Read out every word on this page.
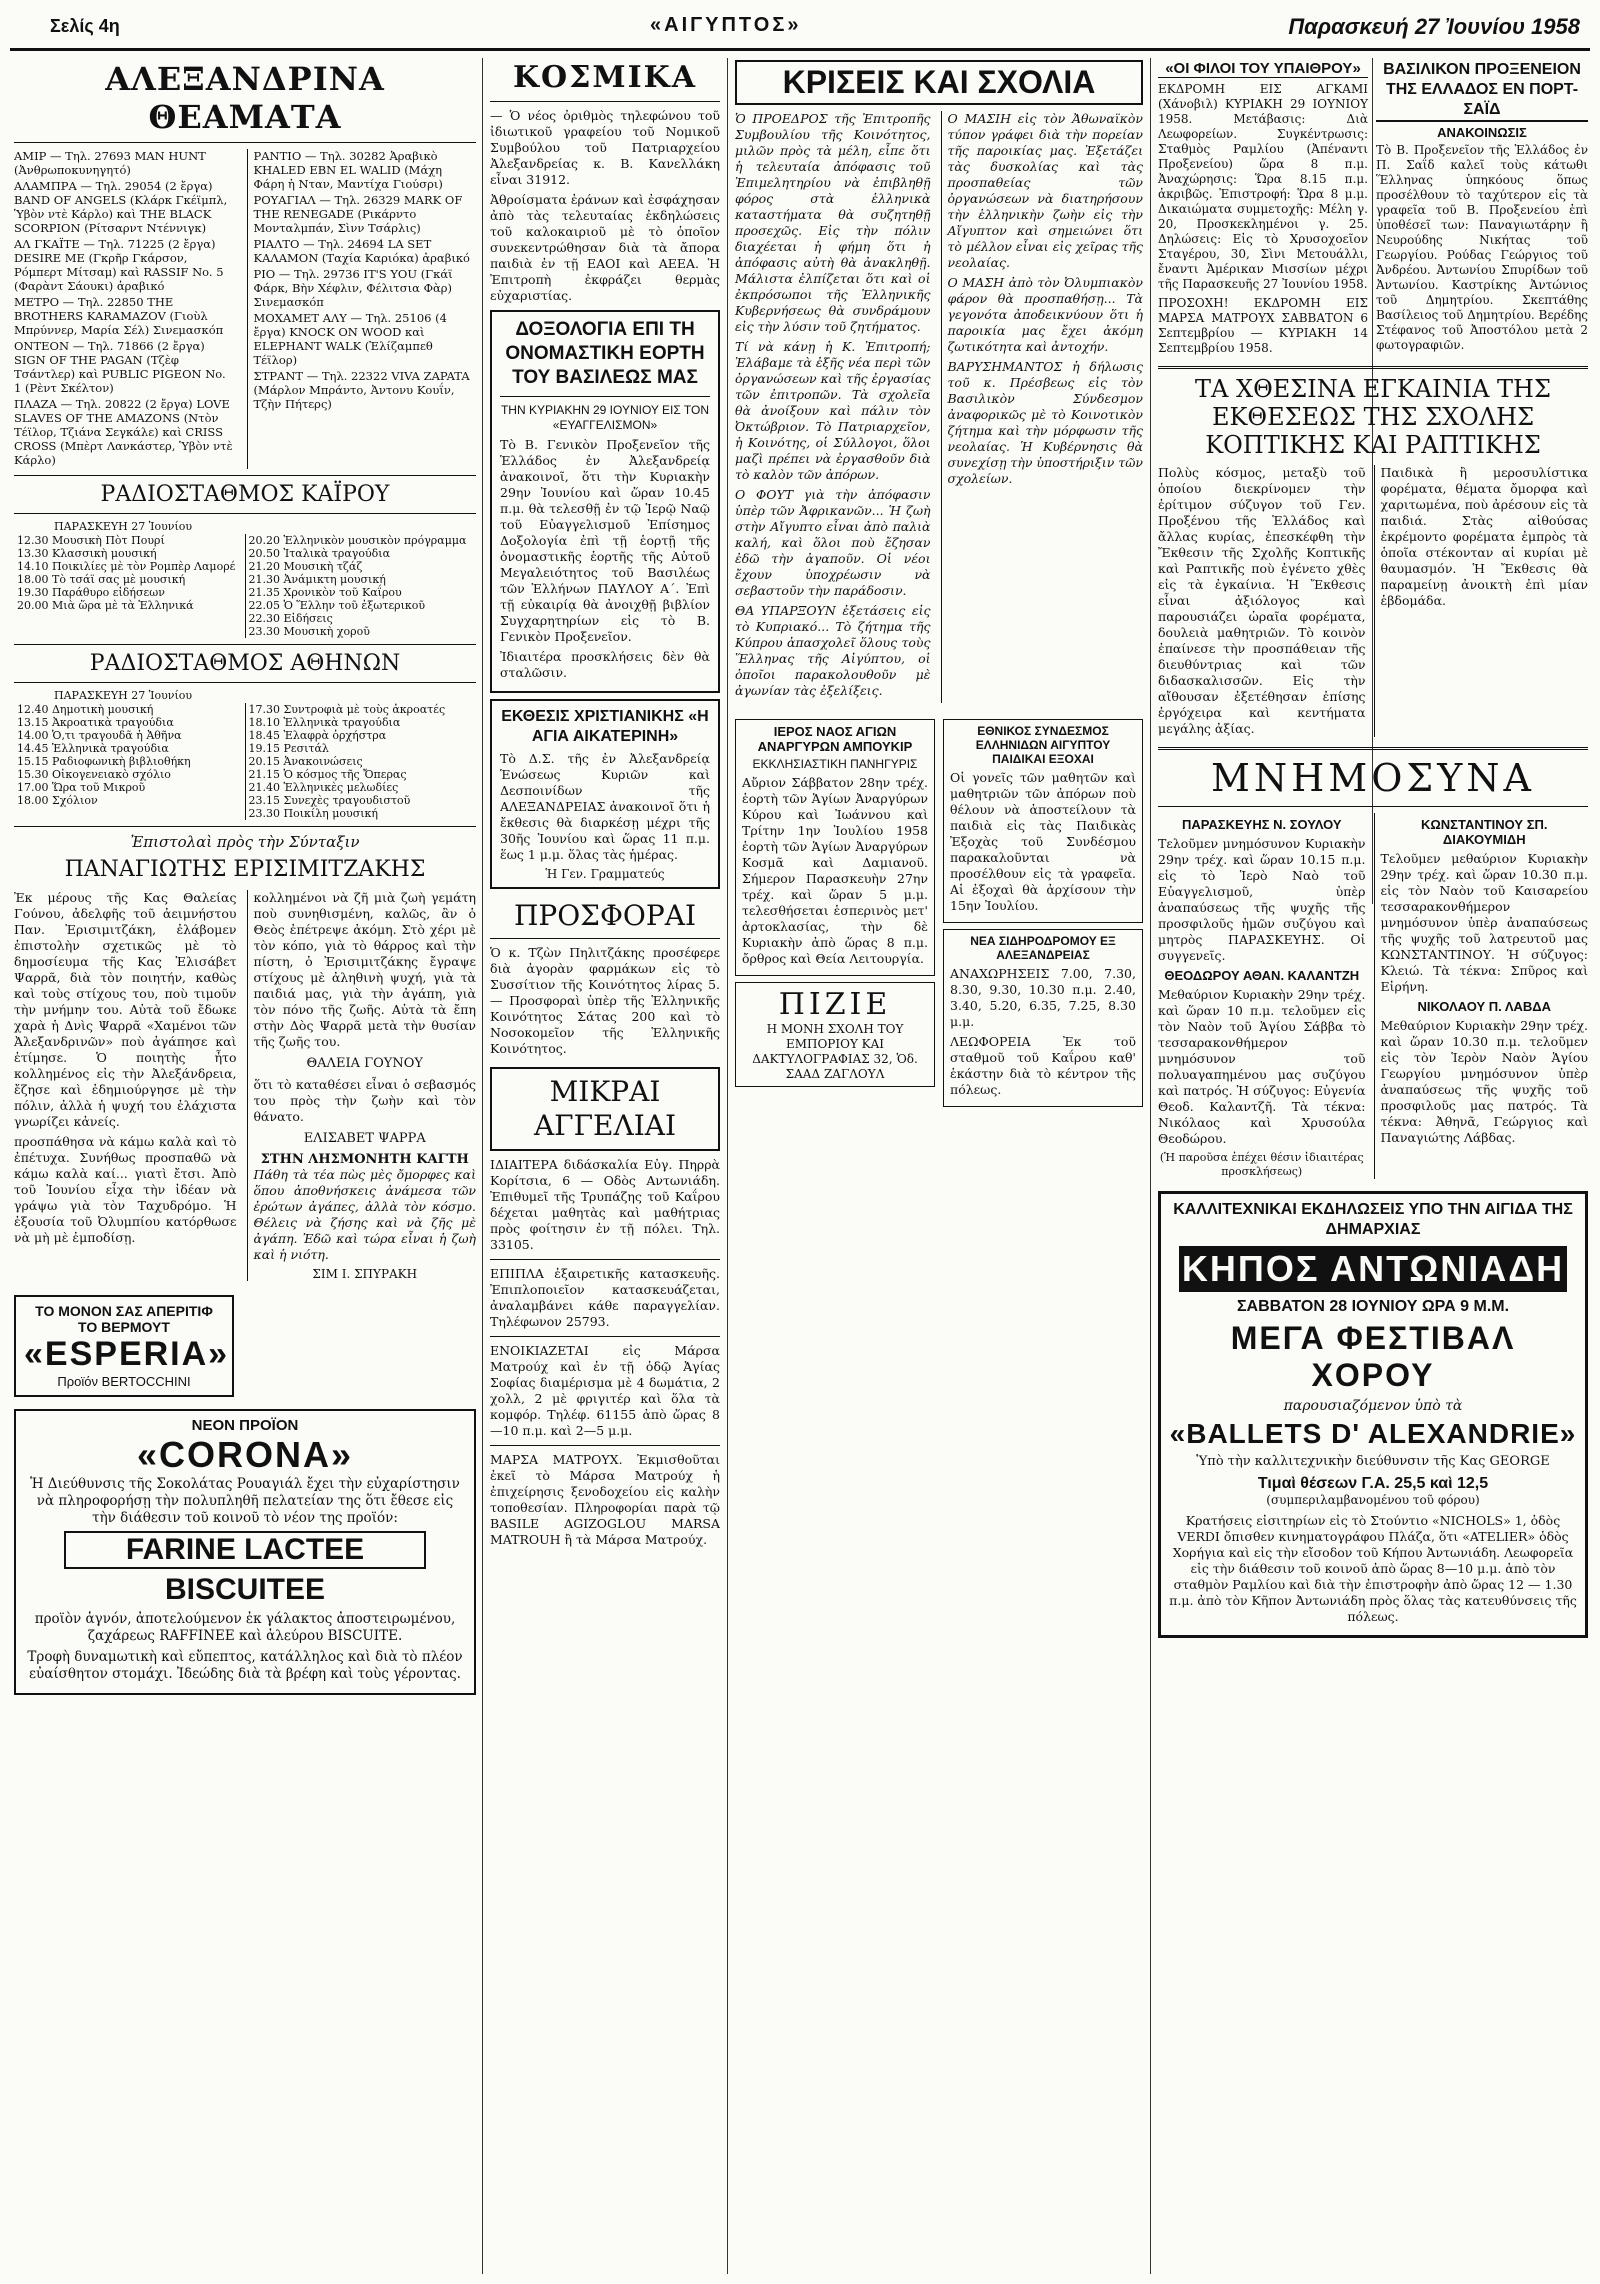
Σελίς 4η	«ΑΙΓΥΠΤΟΣ»	Παρασκευή 27 Ἰουνίου 1958
ΑΛΕΞΑΝΔΡΙΝΑ ΘΕΑΜΑΤΑ

ΑΜΙΡ — Τηλ. 27693 MAN HUNT (Ἀνθρωποκυνηγητό)

ΑΛΑΜΠΡΑ — Τηλ. 29054 (2 ἔργα) BAND OF ANGELS (Κλάρκ Γκέϊμπλ, Ὑβὸν ντὲ Κάρλο) καὶ THE BLACK SCORPION (Ρίτσαρντ Ντέννιγκ)

ΑΛ ΓΚΑΪΤΕ — Τηλ. 71225 (2 ἔργα) DESIRE ME (Γκρῆρ Γκάρσον, Ρόμπερτ Μίτσαμ) καὶ RASSIF No. 5 (Φαρὰντ Σάουκι) ἀραβικό

ΜΕΤΡΟ — Τηλ. 22850 THE BROTHERS KARAMAZOV (Γιοὺλ Μπρύννερ, Μαρία Σέλ) Σινεμασκόπ

ΟΝΤΕΟΝ — Τηλ. 71866 (2 ἔργα) SIGN OF THE PAGAN (Τζὲφ Τσάντλερ) καὶ PUBLIC PIGEON No. 1 (Ρὲντ Σκέλτον)

ΠΛΑΖΑ — Τηλ. 20822 (2 ἔργα) LOVE SLAVES OF THE AMAZONS (Ντὸν Τέϊλορ, Τζιάνα Σεγκάλε) καὶ CRISS CROSS (Μπὲρτ Λανκάστερ, Ὑβὸν ντὲ Κάρλο)

ΡΑΝΤΙΟ — Τηλ. 30282 Ἀραβικὸ KHALED EBN EL WALID (Μάχη Φάρη ἡ Νταν, Μαντίχα Γιούσρι)

ΡΟΥΑΓΙΑΛ — Τηλ. 26329 MARK OF THE RENEGADE (Ρικάρντο Μονταλμπάν, Σὶνν Τσάρλις)

ΡΙΑΛΤΟ — Τηλ. 24694 LA SET ΚΑΛΑΜΟΝ (Ταχία Καριόκα) ἀραβικό

ΡΙΟ — Τηλ. 29736 IT'S YOU (Γκάϊ Φάρκ, Βὴν Χέφλιν, Φέλιτσια Φὰρ) Σινεμασκόπ

ΜΟΧΑΜΕΤ ΑΛΥ — Τηλ. 25106 (4 ἔργα) KNOCK ON WOOD καὶ ELEPHANT WALK (Ἐλίζαμπεθ Τέϊλορ)

ΣΤΡΑΝΤ — Τηλ. 22322 VIVA ZAPATA (Μάρλον Μπράντο, Ἀντονυ Κουΐν, Τζὴν Πήτερς)

ΡΑΔΙΟΣΤΑΘΜΟΣ ΚΑΪΡΟΥ
ΠΑΡΑΣΚΕΥΗ 27 Ἰουνίου
12.30 Μουσικὴ Πὸτ Πουρί
13.30 Κλασσικὴ μουσική
14.10 Ποικιλίες μὲ τὸν Ρομπὲρ Λαμορέ
18.00 Τὸ τσάϊ σας μὲ μουσική
19.30 Παράθυρο εἰδήσεων
20.00 Μιὰ ὥρα μὲ τὰ Ἑλληνικά

20.20 Ἑλληνικὸν μουσικὸν πρόγραμμα
20.50 Ἰταλικὰ τραγούδια
21.20 Μουσικὴ τζάζ
21.30 Ἀνάμικτη μουσική
21.35 Χρονικὸν τοῦ Καΐρου
22.05 Ὁ Ἕλλην τοῦ ἐξωτερικοῦ
22.30 Εἰδήσεις
23.30 Μουσικὴ χοροῦ
ΡΑΔΙΟΣΤΑΘΜΟΣ ΑΘΗΝΩΝ
ΠΑΡΑΣΚΕΥΗ 27 Ἰουνίου
12.40 Δημοτικὴ μουσική
13.15 Ἀκροατικὰ τραγούδια
14.00 Ὁ,τι τραγουδᾶ ἡ Ἀθῆνα
14.45 Ἑλληνικὰ τραγούδια
15.15 Ραδιοφωνικὴ βιβλιοθήκη
15.30 Οἰκογενειακὸ σχόλιο
17.00 Ὥρα τοῦ Μικροῦ
18.00 Σχόλιον

17.30 Συντροφιὰ μὲ τοὺς ἀκροατές
18.10 Ἑλληνικὰ τραγούδια
18.45 Ἐλαφρὰ ὀρχήστρα
19.15 Ρεσιτάλ
20.15 Ἀνακοινώσεις
21.15 Ὁ κόσμος τῆς Ὄπερας
21.40 Ἑλληνικὲς μελωδίες
23.15 Συνεχὲς τραγουδιστοῦ
23.30 Ποικίλη μουσική
Ἐπιστολαὶ πρὸς τὴν Σύνταξιν
ΠΑΝΑΓΙΩΤΗΣ ΕΡΙΣΙΜΙΤΖΑΚΗΣ

Ἐκ μέρους τῆς Κας Θαλείας Γούνου, ἀδελφῆς τοῦ ἀειμνήστου Παν. Ἐρισιμιτζάκη, ἐλάβομεν ἐπιστολὴν σχετικῶς μὲ τὸ δημοσίευμα τῆς Κας Ἐλισάβετ Ψαρρᾶ, διὰ τὸν ποιητήν, καθὼς καὶ τοὺς στίχους του, ποὺ τιμοῦν τὴν μνήμην του. Αὐτὰ τοῦ ἔδωκε χαρὰ ἡ Δνὶς Ψαρρᾶ «Χαμένοι τῶν Ἀλεξανδρινῶν» ποὺ ἀγάπησε καὶ ἐτίμησε. Ὁ ποιητὴς ἦτο κολλημένος εἰς τὴν Ἀλεξάνδρεια, ἔζησε καὶ ἐδημιούργησε μὲ τὴν πόλιν, ἀλλὰ ἡ ψυχή του ἐλάχιστα γνωρίζει κἀνείς.

προσπάθησα νὰ κάμω καλὰ καὶ τὸ ἐπέτυχα. Συνήθως προσπαθῶ νὰ κάμω καλὰ καί... γιατὶ ἔτσι. Ἀπὸ τοῦ Ἰουνίου εἶχα τὴν ἰδέαν νὰ γράψω γιὰ τὸν Ταχυδρόμο. Ἡ ἐξουσία τοῦ Ὀλυμπίου κατόρθωσε νὰ μὴ μὲ ἐμποδίσῃ.

κολλημένοι νὰ ζῆ μιὰ ζωὴ γεμάτη ποὺ συνηθισμένη, καλῶς, ἂν ὁ Θεὸς ἐπέτρεψε ἀκόμη. Στὸ χέρι μὲ τὸν κόπο, γιὰ τὸ θάρρος καὶ τὴν πίστη, ὁ Ἐρισιμιτζάκης ἔγραψε στίχους μὲ ἀληθινὴ ψυχή, γιὰ τὰ παιδιά μας, γιὰ τὴν ἀγάπη, γιὰ τὸν πόνο τῆς ζωῆς. Αὐτὰ τὰ ἔπη στὴν Δὸς Ψαρρᾶ μετὰ τὴν θυσίαν τῆς ζωῆς του.

ΘΑΛΕΙΑ ΓΟΥΝΟΥ

ὅτι τὸ καταθέσει εἶναι ὁ σεβασμός του πρὸς τὴν ζωὴν καὶ τὸν θάνατο.

ΕΛΙΣΑΒΕΤ ΨΑΡΡΑ
ΣΤΗΝ ΛΗΣΜΟΝΗΤΗ ΚΑΓΤΗ

Πάθη τὰ τέα πὼς μὲς ὄμορφες καὶ ὅπου ἀποθνήσκεις ἀνάμεσα τῶν ἐρώτων ἀγάπες, ἀλλὰ τὸν κόσμο. Θέλεις νὰ ζήσης καὶ νὰ ζῆς μὲ ἀγάπη. Ἐδῶ καὶ τώρα εἶναι ἡ ζωὴ καὶ ἡ νιότη.

ΣΙΜ Ι. ΣΠΥΡΑΚΗ
ΤΟ ΜΟΝΟΝ ΣΑΣ ΑΠΕΡΙΤΙΦ
ΤΟ ΒΕΡΜΟΥΤ
«ESPERIA»
Προϊόν BERTOCCHINI
ΝΕΟΝ ΠΡΟΪΟΝ
«CORONA»

Ἡ Διεύθυνσις τῆς Σοκολάτας Ρουαγιάλ ἔχει τὴν εὐχαρίστησιν νὰ πληροφορήσῃ τὴν πολυπληθῆ πελατείαν της ὅτι ἔθεσε εἰς τὴν διάθεσιν τοῦ κοινοῦ τὸ νέον της προϊόν:

FARINE LACTEE
BISCUITEE

προϊὸν ἁγνόν, ἀποτελούμενον ἐκ γάλακτος ἀποστειρωμένου, ζαχάρεως RAFFINEE καὶ ἀλεύρου BISCUITE.

Τροφὴ δυναμωτικὴ καὶ εὔπεπτος, κατάλληλος καὶ διὰ τὸ πλέον εὐαίσθητον στομάχι. Ἰδεώδης διὰ τὰ βρέφη καὶ τοὺς γέροντας.

ΚΟΣΜΙΚΑ

— Ὁ νέος ὀριθμὸς τηλεφώνου τοῦ ἰδιωτικοῦ γραφείου τοῦ Νομικοῦ Συμβούλου τοῦ Πατριαρχείου Ἀλεξανδρείας κ. Β. Κανελλάκη εἶναι 31912.

Ἀθροίσματα ἐράνων καὶ ἐσφάχησαν ἀπὸ τὰς τελευταίας ἐκδηλώσεις τοῦ καλοκαιριοῦ μὲ τὸ ὁποῖον συνεκεντρώθησαν διὰ τὰ ἄπορα παιδιὰ ἐν τῇ ΕΑΟΙ καὶ ΑΕΕΑ. Ἡ Ἐπιτροπὴ ἐκφράζει θερμὰς εὐχαριστίας.

ΔΟΞΟΛΟΓΙΑ ΕΠΙ ΤΗ ΟΝΟΜΑΣΤΙΚΗ ΕΟΡΤΗ ΤΟΥ ΒΑΣΙΛΕΩΣ ΜΑΣ
ΤΗΝ ΚΥΡΙΑΚΗΝ 29 ΙΟΥΝΙΟΥ ΕΙΣ ΤΟΝ «ΕΥΑΓΓΕΛΙΣΜΟΝ»

Τὸ Β. Γενικὸν Προξενεῖον τῆς Ἑλλάδος ἐν Ἀλεξανδρείᾳ ἀνακοινοῖ, ὅτι τὴν Κυριακὴν 29ην Ἰουνίου καὶ ὥραν 10.45 π.μ. θὰ τελεσθῇ ἐν τῷ Ἱερῷ Ναῷ τοῦ Εὐαγγελισμοῦ Ἐπίσημος Δοξολογία ἐπὶ τῇ ἑορτῇ τῆς ὀνομαστικῆς ἑορτῆς τῆς Αὐτοῦ Μεγαλειότητος τοῦ Βασιλέως τῶν Ἑλλήνων ΠΑΥΛΟΥ Α΄. Ἐπὶ τῇ εὐκαιρίᾳ θὰ ἀνοιχθῇ βιβλίον Συγχαρητηρίων εἰς τὸ Β. Γενικὸν Προξενεῖον.

Ἰδιαιτέρα προσκλήσεις δὲν θὰ σταλῶσιν.

ΕΚΘΕΣΙΣ ΧΡΙΣΤΙΑΝΙΚΗΣ «Η ΑΓΙΑ ΑΙΚΑΤΕΡΙΝΗ»

Τὸ Δ.Σ. τῆς ἐν Ἀλεξανδρείᾳ Ἑνώσεως Κυριῶν καὶ Δεσποινίδων τῆς ΑΛΕΞΑΝΔΡΕΙΑΣ ἀνακοινοῖ ὅτι ἡ ἔκθεσις θὰ διαρκέσῃ μέχρι τῆς 30ῆς Ἰουνίου καὶ ὥρας 11 π.μ. ἕως 1 μ.μ. ὅλας τὰς ἡμέρας.

Ἡ Γεν. Γραμματεύς
ΠΡΟΣΦΟΡΑΙ

Ὁ κ. Τζὼν Πηλιτζάκης προσέφερε διὰ ἀγορὰν φαρμάκων εἰς τὸ Συσσίτιον τῆς Κοινότητος λίρας 5. — Προσφοραὶ ὑπὲρ τῆς Ἑλληνικῆς Κοινότητος Σάτας 200 καὶ τὸ Νοσοκομεῖον τῆς Ἑλληνικῆς Κοινότητος.

ΜΙΚΡΑΙ ΑΓΓΕΛΙΑΙ

ΙΔΙΑΙΤΕΡΑ διδάσκαλία Εὐγ. Πηρρὰ Κορίτσια, 6 — Οδὸς Αντωνιάδη. Ἐπιθυμεῖ τῆς Τρυπάζης τοῦ Καΐρου δέχεται μαθητὰς καὶ μαθήτριας πρὸς φοίτησιν ἐν τῇ πόλει. Τηλ. 33105.

ΕΠΙΠΛΑ ἐξαιρετικῆς κατασκευῆς. Ἐπιπλοποιεῖον κατασκευάζεται, ἀναλαμβάνει κάθε παραγγελίαν. Τηλέφωνον 25793.

ΕΝΟΙΚΙΑΖΕΤΑΙ εἰς Μάρσα Ματρούχ καὶ ἐν τῇ ὁδῷ Ἀγίας Σοφίας διαμέρισμα μὲ 4 δωμάτια, 2 χολλ, 2 μὲ φριγιτέρ καὶ ὅλα τὰ κομφόρ. Τηλέφ. 61155 ἀπὸ ὥρας 8—10 π.μ. καὶ 2—5 μ.μ.

ΜΑΡΣΑ ΜΑΤΡΟΥΧ. Ἐκμισθοῦται ἐκεῖ τὸ Μάρσα Ματρούχ ἡ ἐπιχείρησις ξενοδοχείου εἰς καλὴν τοποθεσίαν. Πληροφορίαι παρὰ τῷ BASILE AGIZOGLOU MARSA MATROUH ἢ τὰ Μάρσα Ματρούχ.

ΚΡΙΣΕΙΣ ΚΑΙ ΣΧΟΛΙΑ

Ὁ ΠΡΟΕΔΡΟΣ τῆς Ἐπιτροπῆς Συμβουλίου τῆς Κοινότητος, μιλῶν πρὸς τὰ μέλη, εἶπε ὅτι ἡ τελευταία ἀπόφασις τοῦ Ἐπιμελητηρίου νὰ ἐπιβληθῇ φόρος στὰ ἑλληνικὰ καταστήματα θὰ συζητηθῇ προσεχῶς. Εἰς τὴν πόλιν διαχέεται ἡ φήμη ὅτι ἡ ἀπόφασις αὐτὴ θὰ ἀνακληθῇ. Μάλιστα ἐλπίζεται ὅτι καὶ οἱ ἐκπρόσωποι τῆς Ἑλληνικῆς Κυβερνήσεως θὰ συνδράμουν εἰς τὴν λύσιν τοῦ ζητήματος.

Τί νὰ κάνῃ ἡ Κ. Ἐπιτροπή; Ἐλάβαμε τὰ ἐξῆς νέα περὶ τῶν ὀργανώσεων καὶ τῆς ἐργασίας τῶν ἐπιτροπῶν. Τὰ σχολεῖα θὰ ἀνοίξουν καὶ πάλιν τὸν Ὀκτώβριον. Τὸ Πατριαρχεῖον, ἡ Κοινότης, οἱ Σύλλογοι, ὅλοι μαζὶ πρέπει νὰ ἐργασθοῦν διὰ τὸ καλὸν τῶν ἀπόρων.

Ο ΦΟΥΤ γιὰ τὴν ἀπόφασιν ὑπὲρ τῶν Ἀφρικανῶν... Ἡ ζωὴ στὴν Αἴγυπτο εἶναι ἀπὸ παλιὰ καλή, καὶ ὅλοι ποὺ ἔζησαν ἐδῶ τὴν ἀγαποῦν. Οἱ νέοι ἔχουν ὑποχρέωσιν νὰ σεβαστοῦν τὴν παράδοσιν.

ΘΑ ΥΠΑΡΞΟΥΝ ἐξετάσεις εἰς τὸ Κυπριακό... Τὸ ζήτημα τῆς Κύπρου ἀπασχολεῖ ὅλους τοὺς Ἕλληνας τῆς Αἰγύπτου, οἱ ὁποῖοι παρακολουθοῦν μὲ ἀγωνίαν τὰς ἐξελίξεις.

Ο ΜΑΣΙΗ εἰς τὸν Ἀθωναϊκὸν τύπον γράφει διὰ τὴν πορείαν τῆς παροικίας μας. Ἐξετάζει τὰς δυσκολίας καὶ τὰς προσπαθείας τῶν ὀργανώσεων νὰ διατηρήσουν τὴν ἑλληνικὴν ζωὴν εἰς τὴν Αἴγυπτον καὶ σημειώνει ὅτι τὸ μέλλον εἶναι εἰς χεῖρας τῆς νεολαίας.

Ο ΜΑΣΗ ἀπὸ τὸν Ὀλυμπιακὸν φάρον θὰ προσπαθήσῃ... Τὰ γεγονότα ἀποδεικνύουν ὅτι ἡ παροικία μας ἔχει ἀκόμη ζωτικότητα καὶ ἀντοχήν.

ΒΑΡΥΣΗΜΑΝΤΟΣ ἡ δήλωσις τοῦ κ. Πρέσβεως εἰς τὸν Βασιλικὸν Σύνδεσμον ἀναφορικῶς μὲ τὸ Κοινοτικὸν ζήτημα καὶ τὴν μόρφωσιν τῆς νεολαίας. Ἡ Κυβέρνησις θὰ συνεχίσῃ τὴν ὑποστήριξιν τῶν σχολείων.

ΙΕΡΟΣ ΝΑΟΣ ΑΓΙΩΝ ΑΝΑΡΓΥΡΩΝ ΑΜΠΟΥΚΙΡ
ΕΚΚΛΗΣΙΑΣΤΙΚΗ ΠΑΝΗΓΥΡΙΣ

Αὔριον Σάββατον 28ην τρέχ. ἑορτὴ τῶν Ἁγίων Ἀναργύρων Κύρου καὶ Ἰωάννου καὶ Τρίτην 1ην Ἰουλίου 1958 ἑορτὴ τῶν Ἁγίων Ἀναργύρων Κοσμᾶ καὶ Δαμιανοῦ. Σήμερον Παρασκευὴν 27ην τρέχ. καὶ ὥραν 5 μ.μ. τελεσθήσεται ἑσπερινὸς μετ' ἀρτοκλασίας, τὴν δὲ Κυριακὴν ἀπὸ ὥρας 8 π.μ. ὄρθρος καὶ Θεία Λειτουργία.

ΠΙΖΙΕ
Η ΜΟΝΗ ΣΧΟΛΗ ΤΟΥ ΕΜΠΟΡΙΟΥ ΚΑΙ ΔΑΚΤΥΛΟΓΡΑΦΙΑΣ 32, Ὁδ. ΣΑΑΔ ΖΑΓΛΟΥΛ
ΕΘΝΙΚΟΣ ΣΥΝΔΕΣΜΟΣ ΕΛΛΗΝΙΔΩΝ ΑΙΓΥΠΤΟΥ ΠΑΙΔΙΚΑΙ ΕΞΟΧΑΙ

Οἱ γονεῖς τῶν μαθητῶν καὶ μαθητριῶν τῶν ἀπόρων ποὺ θέλουν νὰ ἀποστείλουν τὰ παιδιὰ εἰς τὰς Παιδικὰς Ἐξοχὰς τοῦ Συνδέσμου παρακαλοῦνται νὰ προσέλθουν εἰς τὰ γραφεῖα. Αἱ ἐξοχαὶ θὰ ἀρχίσουν τὴν 15ην Ἰουλίου.

ΝΕΑ ΣΙΔΗΡΟΔΡΟΜΟΥ ΕΞ ΑΛΕΞΑΝΔΡΕΙΑΣ

ΑΝΑΧΩΡΗΣΕΙΣ 7.00, 7.30, 8.30, 9.30, 10.30 π.μ. 2.40, 3.40, 5.20, 6.35, 7.25, 8.30 μ.μ.

ΛΕΩΦΟΡΕΙΑ Ἐκ τοῦ σταθμοῦ τοῦ Καΐρου καθ' ἑκάστην διὰ τὸ κέντρον τῆς πόλεως.

«ΟΙ ΦΙΛΟΙ ΤΟΥ ΥΠΑΙΘΡΟΥ»

ΕΚΔΡΟΜΗ ΕΙΣ ΑΓΚΑΜΙ (Χάνοβιλ) ΚΥΡΙΑΚΗ 29 ΙΟΥΝΙΟΥ 1958. Μετάβασις: Διὰ Λεωφορείων. Συγκέντρωσις: Σταθμὸς Ραμλίου (Ἀπέναντι Προξενείου) ὥρα 8 π.μ. Ἀναχώρησις: Ὥρα 8.15 π.μ. ἀκριβῶς. Ἐπιστροφή: Ὥρα 8 μ.μ. Δικαιώματα συμμετοχῆς: Μέλη γ. 20, Προσκεκλημένοι γ. 25. Δηλώσεις: Εἰς τὸ Χρυσοχοεῖον Σταγέρου, 30, Σὶνι Μετουάλλι, ἔναντι Ἀμέρικαν Μισσίων μέχρι τῆς Παρασκευῆς 27 Ἰουνίου 1958.

ΠΡΟΣΟΧΗ! ΕΚΔΡΟΜΗ ΕΙΣ ΜΑΡΣΑ ΜΑΤΡΟΥΧ ΣΑΒΒΑΤΟΝ 6 Σεπτεμβρίου — ΚΥΡΙΑΚΗ 14 Σεπτεμβρίου 1958.

ΒΑΣΙΛΙΚΟΝ ΠΡΟΞΕΝΕΙΟΝ ΤΗΣ ΕΛΛΑΔΟΣ ΕΝ ΠΟΡΤ-ΣΑΪΔ
ΑΝΑΚΟΙΝΩΣΙΣ

Τὸ Β. Προξενεῖον τῆς Ἑλλάδος ἐν Π. Σαΐδ καλεῖ τοὺς κάτωθι Ἕλληνας ὑπηκόους ὅπως προσέλθουν τὸ ταχύτερον εἰς τὰ γραφεῖα τοῦ Β. Προξενείου ἐπὶ ὑποθέσεῖ των: Παναγιωτάρην ἢ Νευρούδης Νικήτας τοῦ Γεωργίου. Ρούδας Γεώργιος τοῦ Ἀνδρέου. Ἀντωνίου Σπυρίδων τοῦ Ἀντωνίου. Καστρίκης Ἀντώνιος τοῦ Δημητρίου. Σκεπτάθης Βασίλειος τοῦ Δημητρίου. Βερέδης Στέφανος τοῦ Ἀποστόλου μετὰ 2 φωτογραφιῶν.

ΤΑ ΧΘΕΣΙΝΑ ΕΓΚΑΙΝΙΑ ΤΗΣ ΕΚΘΕΣΕΩΣ ΤΗΣ ΣΧΟΛΗΣ ΚΟΠΤΙΚΗΣ ΚΑΙ ΡΑΠΤΙΚΗΣ

Πολὺς κόσμος, μεταξὺ τοῦ ὁποίου διεκρίνομεν τὴν ἐρίτιμον σύζυγον τοῦ Γεν. Προξένου τῆς Ἑλλάδος καὶ ἄλλας κυρίας, ἐπεσκέφθη τὴν Ἔκθεσιν τῆς Σχολῆς Κοπτικῆς καὶ Ραπτικῆς ποὺ ἐγένετο χθὲς εἰς τὰ ἐγκαίνια. Ἡ Ἔκθεσις εἶναι ἀξιόλογος καὶ παρουσιάζει ὡραῖα φορέματα, δουλειὰ μαθητριῶν. Τὸ κοινὸν ἐπαίνεσε τὴν προσπάθειαν τῆς διευθύντριας καὶ τῶν διδασκαλισσῶν. Εἰς τὴν αἴθουσαν ἐξετέθησαν ἐπίσης ἐργόχειρα καὶ κεντήματα μεγάλης ἀξίας.

Παιδικὰ ἢ μεροσυλίστικα φορέματα, θέματα ὄμορφα καὶ χαριτωμένα, ποὺ ἀρέσουν εἰς τὰ παιδιά. Στὰς αἰθούσας ἐκρέμοντο φορέματα ἐμπρὸς τὰ ὁποῖα στέκονταν αἱ κυρίαι μὲ θαυμασμόν. Ἡ Ἔκθεσις θὰ παραμείνῃ ἀνοικτὴ ἐπὶ μίαν ἑβδομάδα.

ΜΝΗΜΟΣΥΝΑ
ΠΑΡΑΣΚΕΥΗΣ Ν. ΣΟΥΛΟΥ

Τελοῦμεν μνημόσυνον Κυριακὴν 29ην τρέχ. καὶ ὥραν 10.15 π.μ. εἰς τὸ Ἱερὸ Ναὸ τοῦ Εὐαγγελισμοῦ, ὑπὲρ ἀναπαύσεως τῆς ψυχῆς τῆς προσφιλοῦς ἡμῶν συζύγου καὶ μητρὸς ΠΑΡΑΣΚΕΥΗΣ. Οἱ συγγενεῖς.

ΘΕΟΔΩΡΟΥ ΑΘΑΝ. ΚΑΛΑΝΤΖΗ

Μεθαύριον Κυριακὴν 29ην τρέχ. καὶ ὥραν 10 π.μ. τελοῦμεν εἰς τὸν Ναὸν τοῦ Ἁγίου Σάββα τὸ τεσσαρακονθήμερον μνημόσυνον τοῦ πολυαγαπημένου μας συζύγου καὶ πατρός. Ἡ σύζυγος: Εὐγενία Θεοδ. Καλαντζῆ. Τὰ τέκνα: Νικόλαος καὶ Χρυσούλα Θεοδώρου.

(Ἡ παροῦσα ἐπέχει θέσιν ἰδιαιτέρας προσκλήσεως)
ΚΩΝΣΤΑΝΤΙΝΟΥ ΣΠ. ΔΙΑΚΟΥΜΙΔΗ

Τελοῦμεν μεθαύριον Κυριακὴν 29ην τρέχ. καὶ ὥραν 10.30 π.μ. εἰς τὸν Ναὸν τοῦ Καισαρείου τεσσαρακονθήμερον μνημόσυνον ὑπὲρ ἀναπαύσεως τῆς ψυχῆς τοῦ λατρευτοῦ μας ΚΩΝΣΤΑΝΤΙΝΟΥ. Ἡ σύζυγος: Κλειώ. Τὰ τέκνα: Σπῦρος καὶ Εἰρήνη.

ΝΙΚΟΛΑΟΥ Π. ΛΑΒΔΑ

Μεθαύριον Κυριακὴν 29ην τρέχ. καὶ ὥραν 10.30 π.μ. τελοῦμεν εἰς τὸν Ἱερὸν Ναὸν Ἁγίου Γεωργίου μνημόσυνον ὑπὲρ ἀναπαύσεως τῆς ψυχῆς τοῦ προσφιλοῦς μας πατρός. Τὰ τέκνα: Ἀθηνᾶ, Γεώργιος καὶ Παναγιώτης Λάβδας.

ΚΑΛΛΙΤΕΧΝΙΚΑΙ ΕΚΔΗΛΩΣΕΙΣ ΥΠΟ ΤΗΝ ΑΙΓΙΔΑ ΤΗΣ ΔΗΜΑΡΧΙΑΣ
ΚΗΠΟΣ ΑΝΤΩΝΙΑΔΗ
ΣΑΒΒΑΤΟΝ 28 ΙΟΥΝΙΟΥ ΩΡΑ 9 Μ.Μ.
ΜΕΓΑ ΦΕΣΤΙΒΑΛ ΧΟΡΟΥ
παρουσιαζόμενον ὑπὸ τὰ
«BALLETS D' ALEXANDRIE»
Ὑπὸ τὴν καλλιτεχνικὴν διεύθυνσιν τῆς Κας GEORGE
Τιμαὶ θέσεων Γ.Α. 25,5 καὶ 12,5
(συμπεριλαμβανομένου τοῦ φόρου)

Κρατήσεις εἰσιτηρίων εἰς τὸ Στούντιο «NICHOLS» 1, ὁδὸς VERDI ὄπισθεν κινηματογράφου Πλάζα, ὅτι «ATELIER» ὁδὸς Χορήγια καὶ εἰς τὴν εἴσοδον τοῦ Κήπου Ἀντωνιάδη. Λεωφορεῖα εἰς τὴν διάθεσιν τοῦ κοινοῦ ἀπὸ ὥρας 8—10 μ.μ. ἀπὸ τὸν σταθμὸν Ραμλίου καὶ διὰ τὴν ἐπιστροφὴν ἀπὸ ὥρας 12 — 1.30 π.μ. ἀπὸ τὸν Κῆπον Ἀντωνιάδη πρὸς ὅλας τὰς κατευθύνσεις τῆς πόλεως.
